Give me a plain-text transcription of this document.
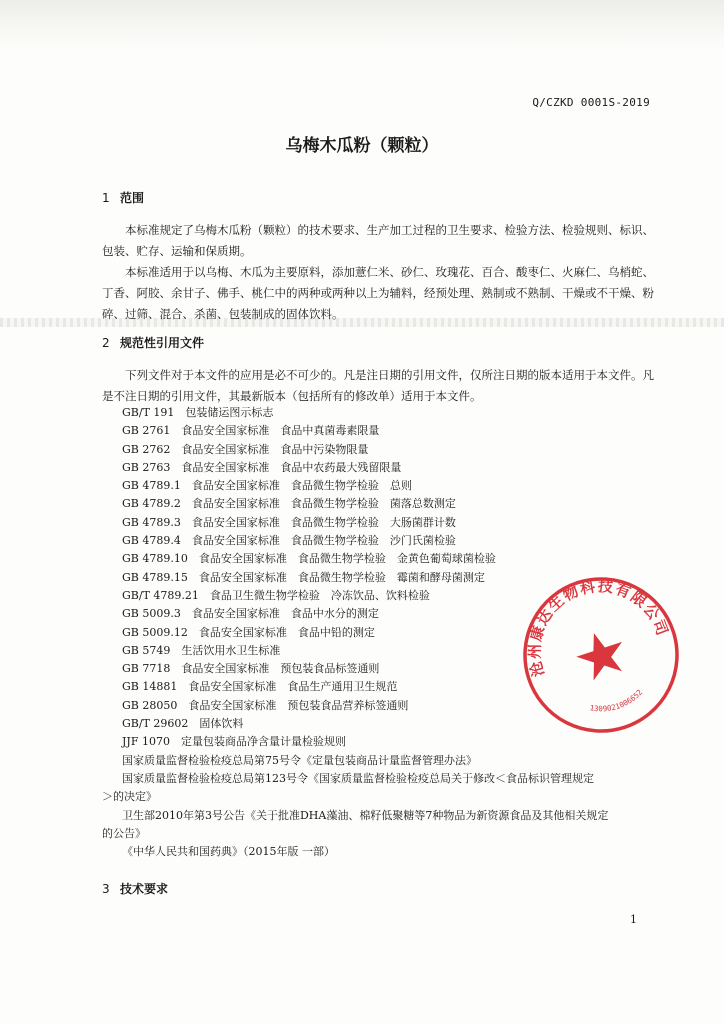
Q/CZKD 0001S-2019
乌梅木瓜粉（颗粒）
1 范围
本标准规定了乌梅木瓜粉（颗粒）的技术要求、生产加工过程的卫生要求、检验方法、检验规则、标识、包装、贮存、运输和保质期。
本标准适用于以乌梅、木瓜为主要原料，添加薏仁米、砂仁、玫瑰花、百合、酸枣仁、火麻仁、乌梢蛇、丁香、阿胶、余甘子、佛手、桃仁中的两种或两种以上为辅料，经预处理、熟制或不熟制、干燥或不干燥、粉碎、过筛、混合、杀菌、包装制成的固体饮料。
2 规范性引用文件
下列文件对于本文件的应用是必不可少的。凡是注日期的引用文件，仅所注日期的版本适用于本文件。凡是不注日期的引用文件，其最新版本（包括所有的修改单）适用于本文件。
GB/T 191　包装储运图示标志
GB 2761　食品安全国家标准　食品中真菌毒素限量
GB 2762　食品安全国家标准　食品中污染物限量
GB 2763　食品安全国家标准　食品中农药最大残留限量
GB 4789.1　食品安全国家标准　食品微生物学检验　总则
GB 4789.2　食品安全国家标准　食品微生物学检验　菌落总数测定
GB 4789.3　食品安全国家标准　食品微生物学检验　大肠菌群计数
GB 4789.4　食品安全国家标准　食品微生物学检验　沙门氏菌检验
GB 4789.10　食品安全国家标准　食品微生物学检验　金黄色葡萄球菌检验
GB 4789.15　食品安全国家标准　食品微生物学检验　霉菌和酵母菌测定
GB/T 4789.21　食品卫生微生物学检验　冷冻饮品、饮料检验
GB 5009.3　食品安全国家标准　食品中水分的测定
GB 5009.12　食品安全国家标准　食品中铅的测定
GB 5749　生活饮用水卫生标准
GB 7718　食品安全国家标准　预包装食品标签通则
GB 14881　食品安全国家标准　食品生产通用卫生规范
GB 28050　食品安全国家标准　预包装食品营养标签通则
GB/T 29602　固体饮料
JJF 1070　定量包装商品净含量计量检验规则
国家质量监督检验检疫总局第75号令《定量包装商品计量监督管理办法》
国家质量监督检验检疫总局第123号令《国家质量监督检验检疫总局关于修改＜食品标识管理规定
＞的决定》
卫生部2010年第3号公告《关于批准DHA藻油、棉籽低聚糖等7种物品为新资源食品及其他相关规定
的公告》
《中华人民共和国药典》（2015年版 一部）
3 技术要求
1
沧州康达生物科技有限公司
1309021006652
